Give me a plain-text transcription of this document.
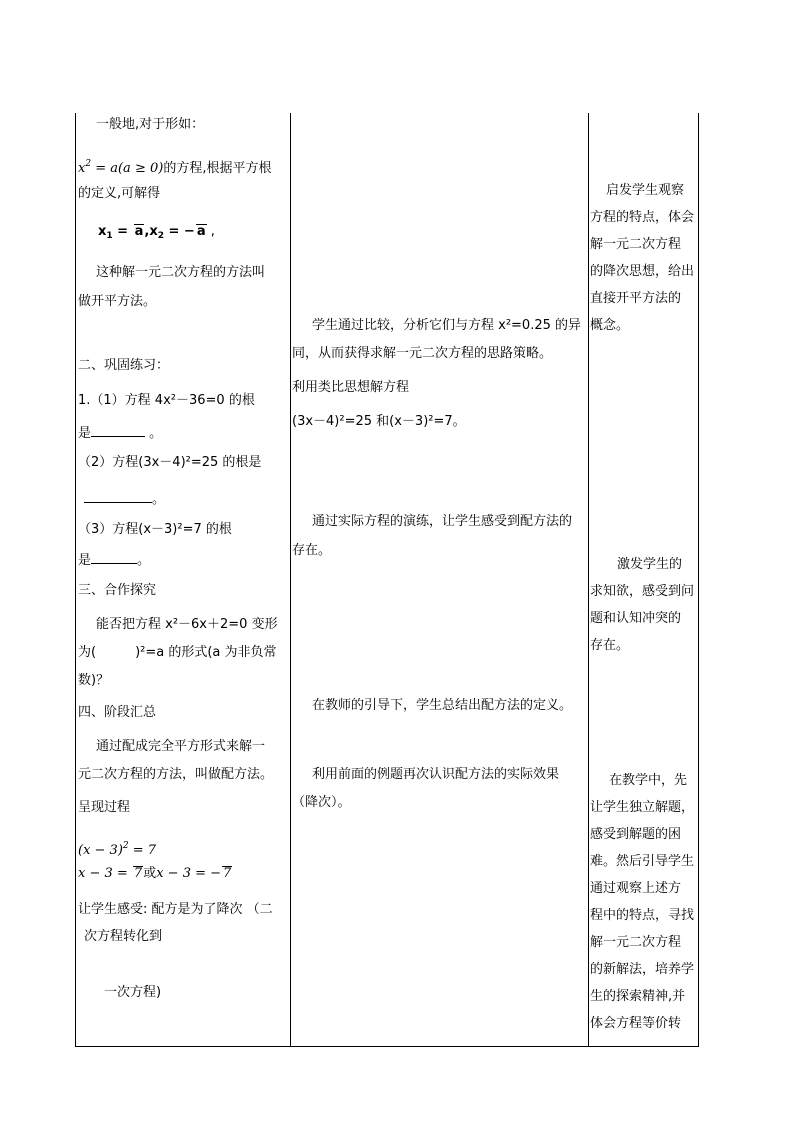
一般地,对于形如：
$x^2 = a(a \ge 0)$的方程,根据平方根
的定义,可解得
$x_1 = a,x_2$ = − a ,
这种解一元二次方程的方法叫
做开平方法。
二、巩固练习：
1.（1）方程 4x²－36=0 的根
是	。
（2）方程(3x－4)²=25 的根是
。
（3）方程(x－3)²=7 的根
是	。
三、合作探究
能否把方程 x²－6x＋2=0 变形
为(　　　)²=a 的形式(a 为非负常
数)？
四、阶段汇总
通过配成完全平方形式来解一
元二次方程的方法，叫做配方法。
呈现过程
$(x - 3)^2 = 7$
x − 3 = 7或x − 3 = − 7
让学生感受: 配方是为了降次 （二
次方程转化到
一次方程)
学生通过比较，分析它们与方程 x²=0.25 的异
同，从而获得求解一元二次方程的思路策略。
利用类比思想解方程
(3x－4)²=25 和(x－3)²=7。
通过实际方程的演练，让学生感受到配方法的
存在。
在教师的引导下，学生总结出配方法的定义。
利用前面的例题再次认识配方法的实际效果
（降次）。
启发学生观察
方程的特点，体会
解一元二次方程
的降次思想，给出
直接开平方法的
概念。
激发学生的
求知欲，感受到问
题和认知冲突的
存在。
在教学中，先
让学生独立解题，
感受到解题的困
难。然后引导学生
通过观察上述方
程中的特点，寻找
解一元二次方程
的新解法，培养学
生的探索精神,并
体会方程等价转
